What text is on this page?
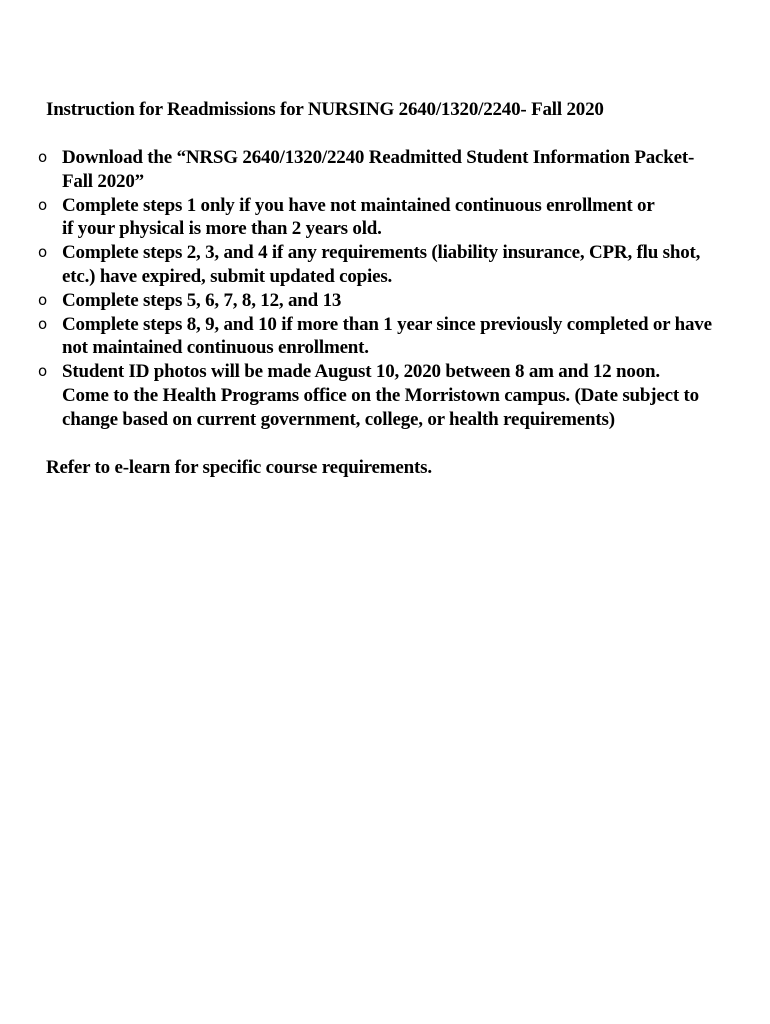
Instruction for Readmissions for NURSING 2640/1320/2240- Fall 2020
o Download the “NRSG 2640/1320/2240 Readmitted Student Information Packet-
Fall 2020”
o Complete steps 1 only if you have not maintained continuous enrollment or
if your physical is more than 2 years old.
o Complete steps 2, 3, and 4 if any requirements (liability insurance, CPR, flu shot,
etc.) have expired, submit updated copies.
o Complete steps 5, 6, 7, 8, 12, and 13
o Complete steps 8, 9, and 10 if more than 1 year since previously completed or have
not maintained continuous enrollment.
o Student ID photos will be made August 10, 2020 between 8 am and 12 noon.
Come to the Health Programs office on the Morristown campus. (Date subject to
change based on current government, college, or health requirements)
Refer to e-learn for specific course requirements.
